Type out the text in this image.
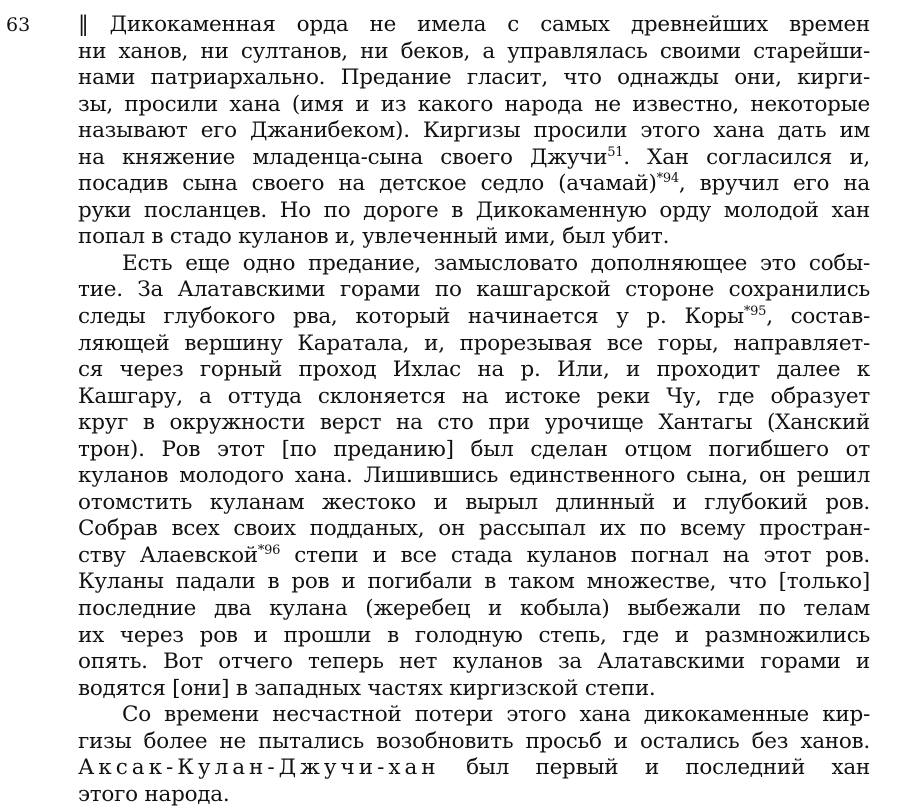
63 ‖ Дикокаменная орда не имела с самых древнейших времен
ни ханов, ни султанов, ни беков, а управлялась своими старейши-
нами патриархально. Предание гласит, что однажды они, кирги-
зы, просили хана (имя и из какого народа не известно, некоторые
называют его Джанибеком). Киргизы просили этого хана дать им
на княжение младенца-сына своего Джучи$^{51}$. Хан согласился и,
посадив сына своего на детское седло (ачамай)$^{*94}$, вручил его на
руки посланцев. Но по дороге в Дикокаменную орду молодой хан
попал в стадо куланов и, увлеченный ими, был убит.
Есть еще одно предание, замысловато дополняющее это собы-
тие. За Алатавскими горами по кашгарской стороне сохранились
следы глубокого рва, который начинается у р. Коры$^{*95}$, состав-
ляющей вершину Каратала, и, прорезывая все горы, направляет-
ся через горный проход Ихлас на р. Или, и проходит далее к
Кашгару, а оттуда склоняется на истоке реки Чу, где образует
круг в окружности верст на сто при урочище Хантагы (Ханский
трон). Ров этот [по преданию] был сделан отцом погибшего от
куланов молодого хана. Лишившись единственного сына, он решил
отомстить куланам жестоко и вырыл длинный и глубокий ров.
Собрав всех своих подданых, он рассыпал их по всему простран-
ству Алаевской$^{*96}$ степи и все стада куланов погнал на этот ров.
Куланы падали в ров и погибали в таком множестве, что [только]
последние два кулана (жеребец и кобыла) выбежали по телам
их через ров и прошли в голодную степь, где и размножились
опять. Вот отчего теперь нет куланов за Алатавскими горами и
водятся [они] в западных частях киргизской степи.
Со времени несчастной потери этого хана дикокаменные кир-
гизы более не пытались возобновить просьб и остались без ханов.
Аксак-Кулан-Джучи-хан был первый и последний хан
этого народа.
